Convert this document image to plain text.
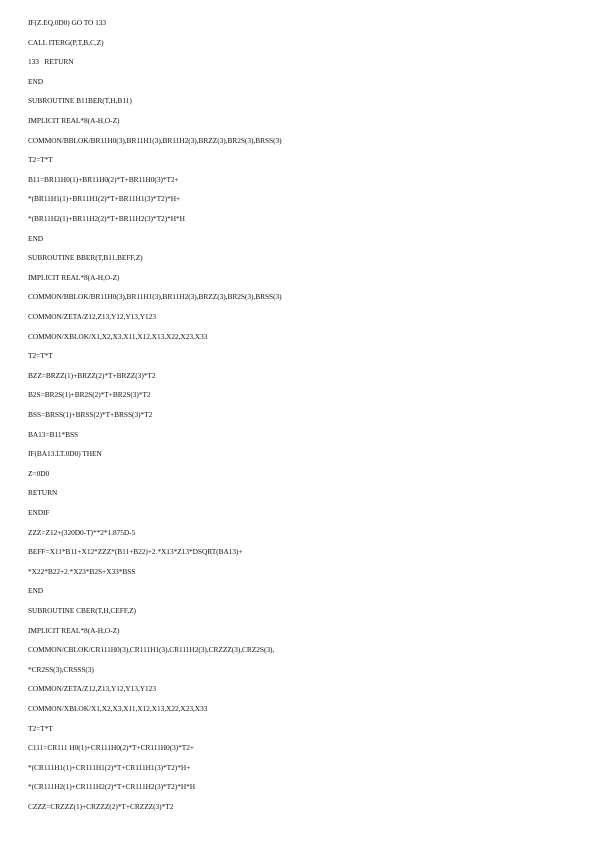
IF(Z.EQ.0D0) GO TO 133
CALL ITERG(P,T,B,C,Z)
133   RETURN
END
SUBROUTINE B11BER(T,H,B11)
IMPLICIT REAL*8(A-H,O-Z)
COMMON/BBLOK/BR11H0(3),BR11H1(3),BR11H2(3),BRZZ(3),BR2S(3),BRSS(3)
T2=T*T
B11=BR11H0(1)+BR11H0(2)*T+BR11H0(3)*T2+
*(BR11H1(1)+BR11H1(2)*T+BR11H1(3)*T2)*H+
*(BR11H2(1)+BR11H2(2)*T+BR11H2(3)*T2)*H*H
END
SUBROUTINE BBER(T,B11,BEFF,Z)
IMPLICIT REAL*8(A-H,O-Z)
COMMON/BBLOK/BR11H0(3),BR11H1(3),BR11H2(3),BRZZ(3),BR2S(3),BRSS(3)
COMMON/ZETA/Z12,Z13,Y12,Y13,Y123
COMMON/XBLOK/X1,X2,X3,X11,X12,X13,X22,X23,X33
T2=T*T
BZZ=BRZZ(1)+BRZZ(2)*T+BRZZ(3)*T2
B2S=BR2S(1)+BR2S(2)*T+BR2S(3)*T2
BSS=BRSS(1)+BRSS(2)*T+BRSS(3)*T2
BA13=B11*BSS
IF(BA13.LT.0D0) THEN
Z=0D0
RETURN
ENDIF
ZZZ=Z12+(320D0-T)**2*1.875D-5
BEFF=X11*B11+X12*ZZZ*(B11+B22)+2.*X13*Z13*DSQRT(BA13)+
*X22*B22+2.*X23*B2S+X33*BSS
END
SUBROUTINE CBER(T,H,CEFF,Z)
IMPLICIT REAL*8(A-H,O-Z)
COMMON/CBLOK/CR111H0(3),CR111H1(3),CR111H2(3),CRZZZ(3),CRZ2S(3),
*CR2SS(3),CRSSS(3)
COMMON/ZETA/Z12,Z13,Y12,Y13,Y123
COMMON/XBLOK/X1,X2,X3,X11,X12,X13,X22,X23,X33
T2=T*T
C111=CR111 H0(1)+CR111H0(2)*T+CR111H0(3)*T2+
*(CR111H1(1)+CR111H1(2)*T+CR111H1(3)*T2)*H+
*(CR111H2(1)+CR111H2(2)*T+CR111H2(3)*T2)*H*H
CZZZ=CRZZZ(1)+CRZZZ(2)*T+CRZZZ(3)*T2
